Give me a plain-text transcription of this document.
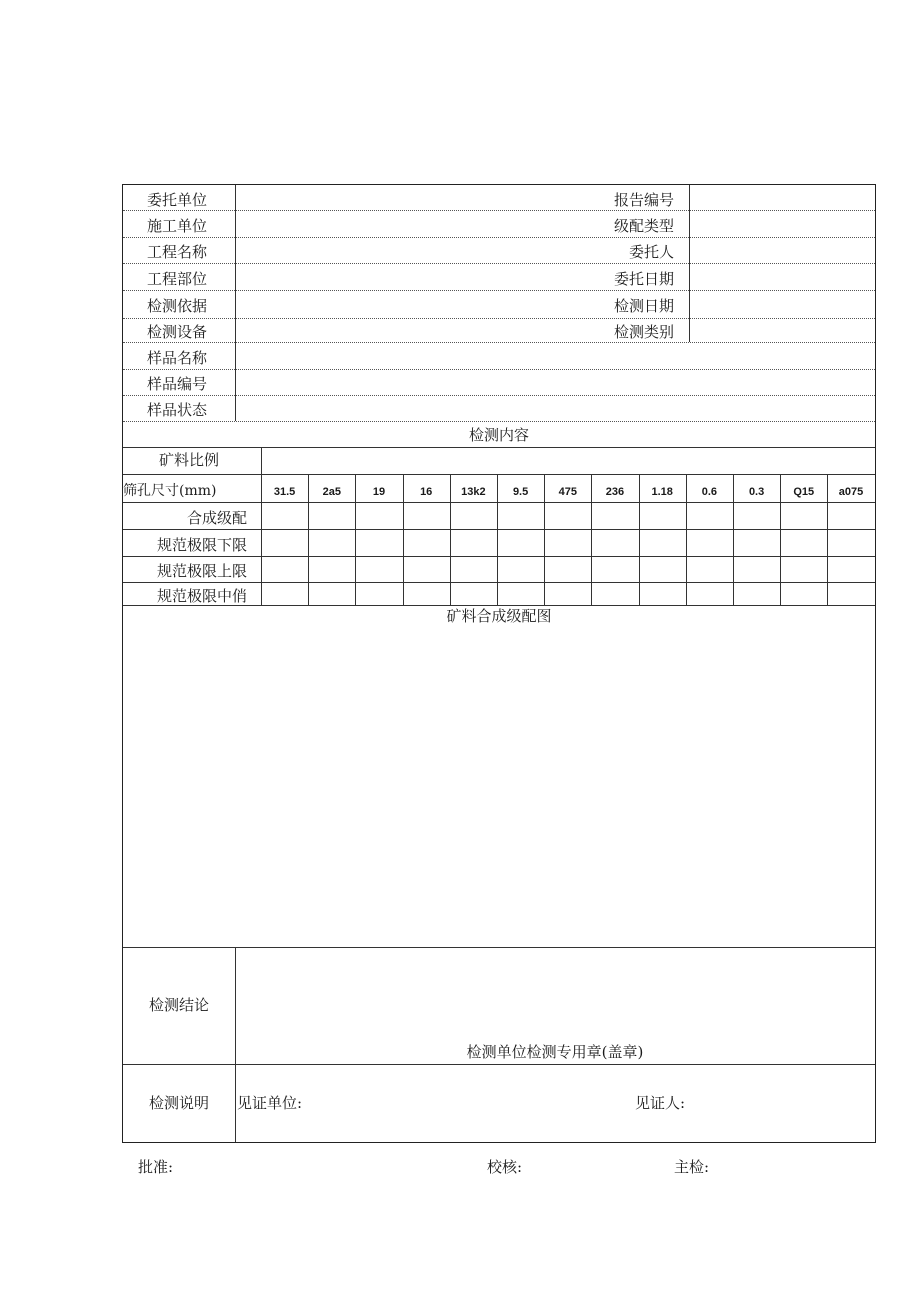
委托单位	报告编号
施工单位	级配类型
工程名称	委托人
工程部位	委托日期
检测依据	检测日期
检测设备	检测类别
样品名称
样品编号
样品状态
检测内容
矿料比例
筛孔尺寸(mm)	31.5	2a5	19	16	13k2	9.5	475	236	1.18	0.6	0.3	Q15	a075
合成级配
规范极限下限
规范极限上限
规范极限中俏
矿料合成级配图
检测结论
检测单位检测专用章(盖章)
检测说明	见证单位:	见证人:
批准:	校核:	主检:
